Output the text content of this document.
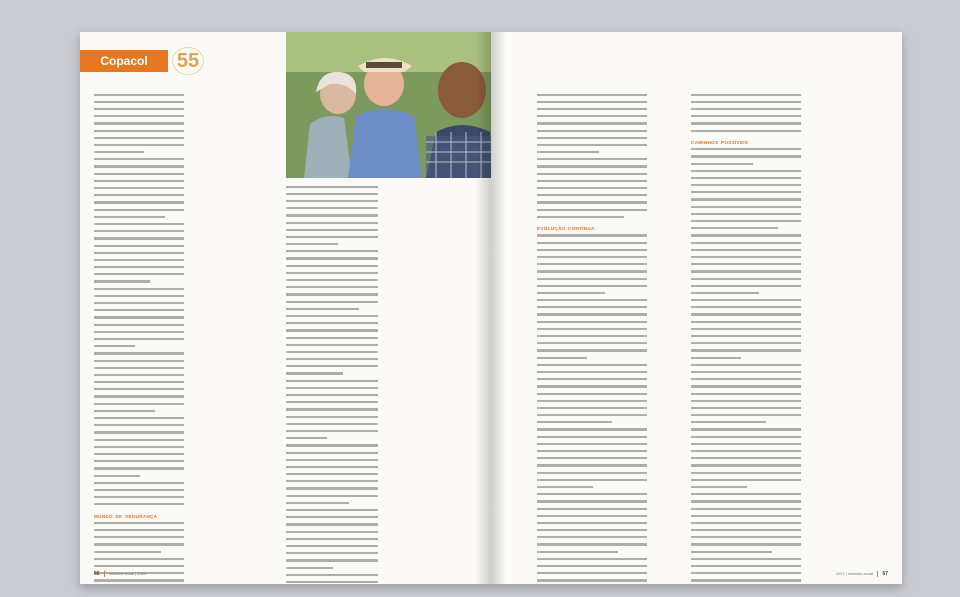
Copacol	55
MUNDO DE SEGURANÇA
66 relatório anual | 2022
EVOLUÇÃO CONTÍNUA
CAMINHOS POSSÍVEIS
2022 | relatório anual 67
